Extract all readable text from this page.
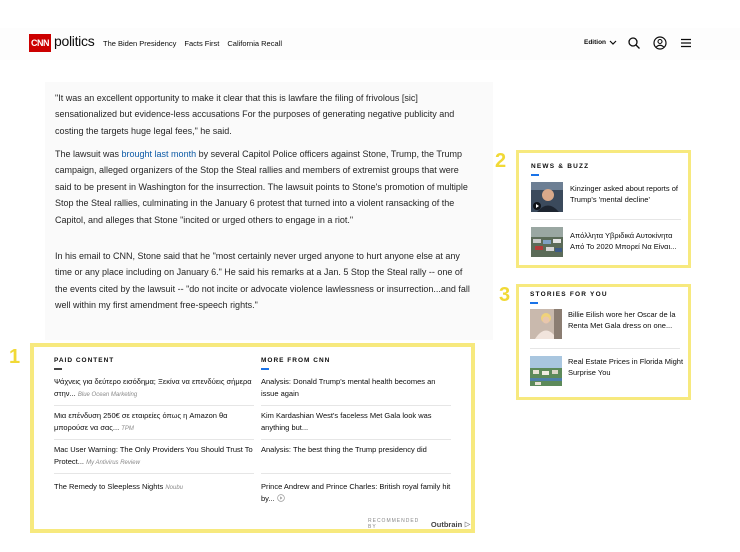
CNN politics The Biden Presidency Facts First California Recall	Edition

"It was an excellent opportunity to make it clear that this is lawfare the filing of frivolous [sic] sensationalized but evidence-less accusations For the purposes of generating negative publicity and costing the targets huge legal fees," he said.

The lawsuit was brought last month by several Capitol Police officers against Stone, Trump, the Trump campaign, alleged organizers of the Stop the Steal rallies and members of extremist groups that were said to be present in Washington for the insurrection. The lawsuit points to Stone's promotion of multiple Stop the Steal rallies, culminating in the January 6 protest that turned into a violent ransacking of the Capitol, and alleges that Stone "incited or urged others to engage in a riot."

In his email to CNN, Stone said that he "most certainly never urged anyone to hurt anyone else at any time or any place including on January 6." He said his remarks at a Jan. 5 Stop the Steal rally -- one of the events cited by the lawsuit -- "do not incite or advocate violence lawlessness or insurrection...and fall well within my first amendment free-speech rights."

1
2
3
PAID CONTENT
Ψάχνεις για δεύτερο εισόδημα; Ξεκίνα να επενδύεις σήμερα στην... Blue Ocean Marketing
Μια επένδυση 250€ σε εταιρείες όπως η Amazon θα μπορούσε να σας... TPM
Mac User Warning: The Only Providers You Should Trust To Protect... My Antivirus Review
The Remedy to Sleepless Nights Noubu
MORE FROM CNN
Analysis: Donald Trump's mental health becomes an issue again
Kim Kardashian West's faceless Met Gala look was anything but...
Analysis: The best thing the Trump presidency did
Prince Andrew and Prince Charles: British royal family hit by...
RECOMMENDED BY	Outbrain
NEWS & BUZZ
Kinzinger asked about reports of Trump's 'mental decline'
Απόλλητα Υβριδικά Αυτοκίνητα Από Το 2020 Μπορεί Να Είναι...
STORIES FOR YOU
Billie Eilish wore her Oscar de la Renta Met Gala dress on one...
Real Estate Prices in Florida Might Surprise You
